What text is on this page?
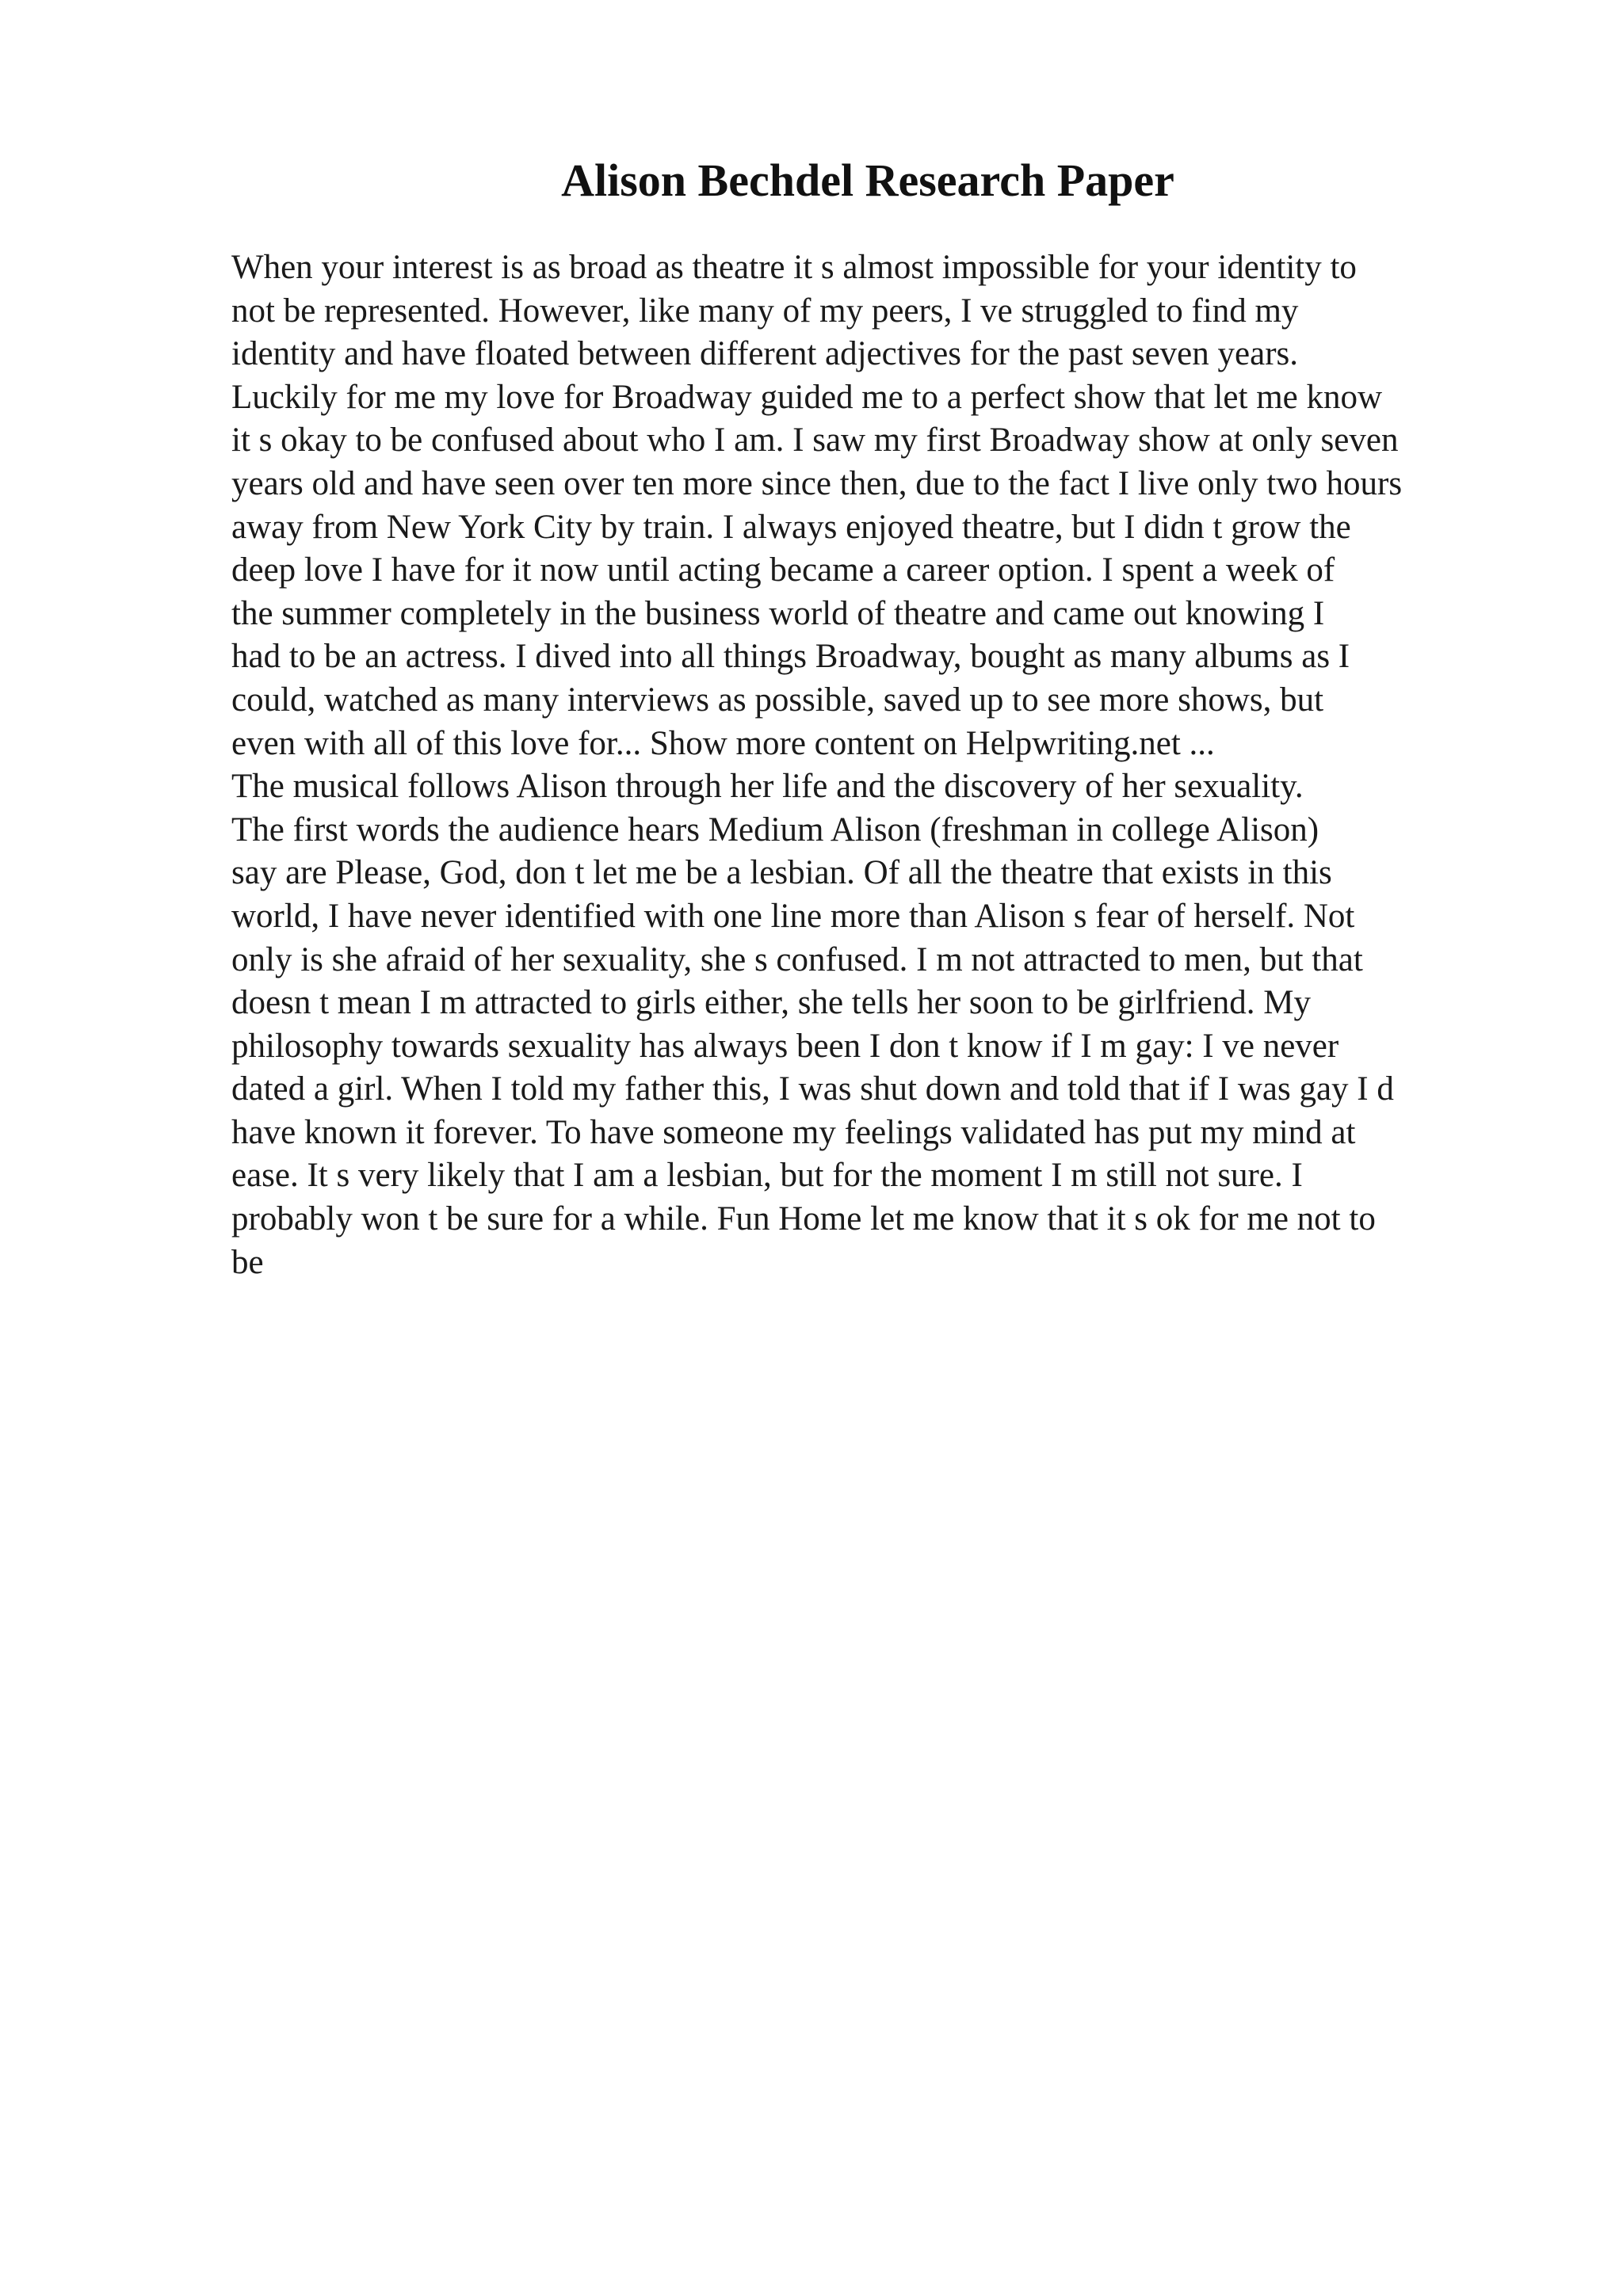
Alison Bechdel Research Paper
When your interest is as broad as theatre it s almost impossible for your identity to
not be represented. However, like many of my peers, I ve struggled to find my
identity and have floated between different adjectives for the past seven years.
Luckily for me my love for Broadway guided me to a perfect show that let me know
it s okay to be confused about who I am. I saw my first Broadway show at only seven
years old and have seen over ten more since then, due to the fact I live only two hours
away from New York City by train. I always enjoyed theatre, but I didn t grow the
deep love I have for it now until acting became a career option. I spent a week of
the summer completely in the business world of theatre and came out knowing I
had to be an actress. I dived into all things Broadway, bought as many albums as I
could, watched as many interviews as possible, saved up to see more shows, but
even with all of this love for... Show more content on Helpwriting.net ...
The musical follows Alison through her life and the discovery of her sexuality.
The first words the audience hears Medium Alison (freshman in college Alison)
say are Please, God, don t let me be a lesbian. Of all the theatre that exists in this
world, I have never identified with one line more than Alison s fear of herself. Not
only is she afraid of her sexuality, she s confused. I m not attracted to men, but that
doesn t mean I m attracted to girls either, she tells her soon to be girlfriend. My
philosophy towards sexuality has always been I don t know if I m gay: I ve never
dated a girl. When I told my father this, I was shut down and told that if I was gay I d
have known it forever. To have someone my feelings validated has put my mind at
ease. It s very likely that I am a lesbian, but for the moment I m still not sure. I
probably won t be sure for a while. Fun Home let me know that it s ok for me not to
be
